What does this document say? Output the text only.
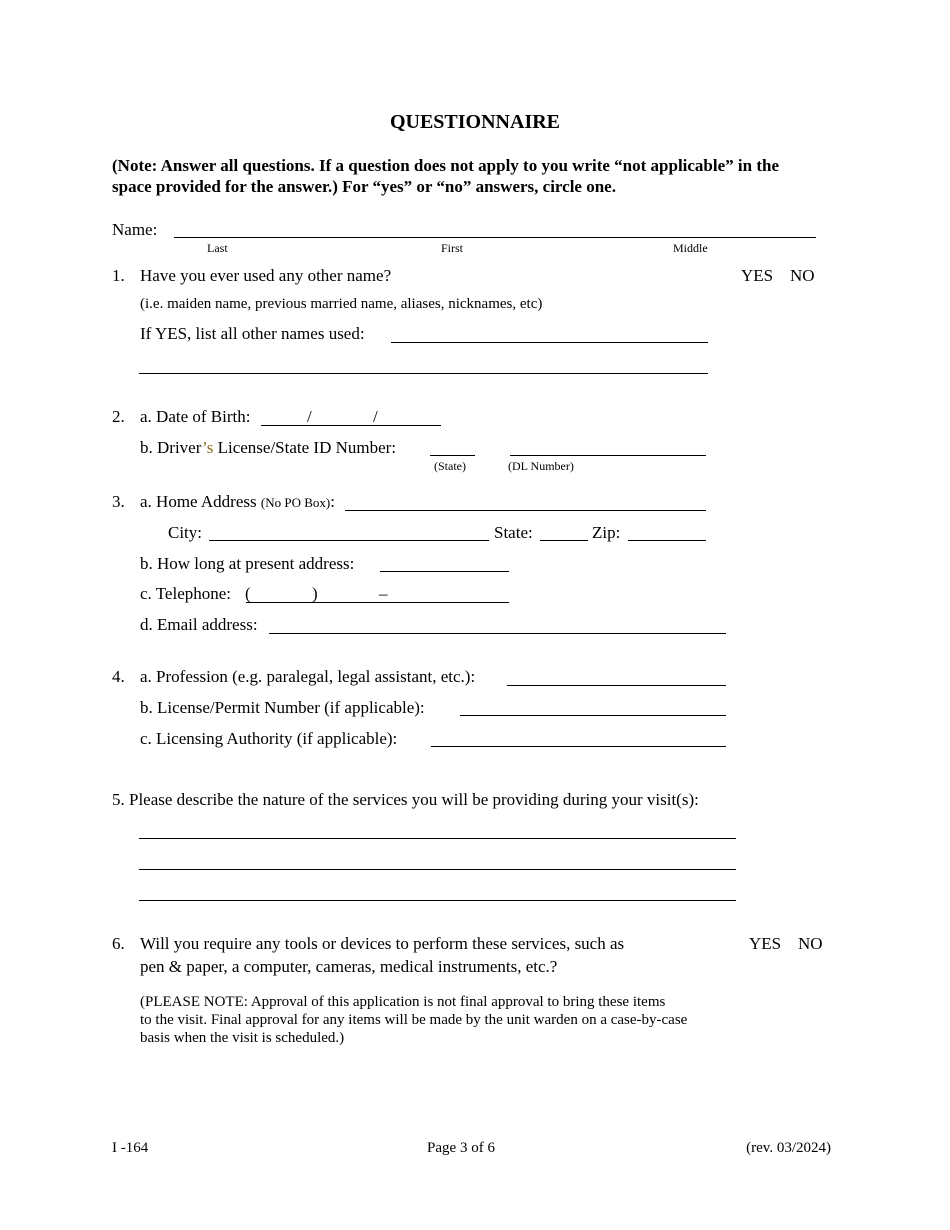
QUESTIONNAIRE
(Note: Answer all questions. If a question does not apply to you write “not applicable” in the
space provided for the answer.) For “yes” or “no” answers, circle one.
Name:
Last	First	Middle
1. Have you ever used any other name?	YES NO
(i.e. maiden name, previous married name, aliases, nicknames, etc)
If YES, list all other names used:
2. a. Date of Birth:	/	/
b. Driver’s License/State ID Number:
(State)	(DL Number)
3. a. Home Address (No PO Box):
City:	State:	Zip:
b. How long at present address:
c. Telephone: (	)	–
d. Email address:
4. a. Profession (e.g. paralegal, legal assistant, etc.):
b. License/Permit Number (if applicable):
c. Licensing Authority (if applicable):
5. Please describe the nature of the services you will be providing during your visit(s):
6. Will you require any tools or devices to perform these services, such as
pen & paper, a computer, cameras, medical instruments, etc.?
YES NO
(PLEASE NOTE: Approval of this application is not final approval to bring these items
to the visit. Final approval for any items will be made by the unit warden on a case-by-case
basis when the visit is scheduled.)
I -164	Page 3 of 6	(rev. 03/2024)
